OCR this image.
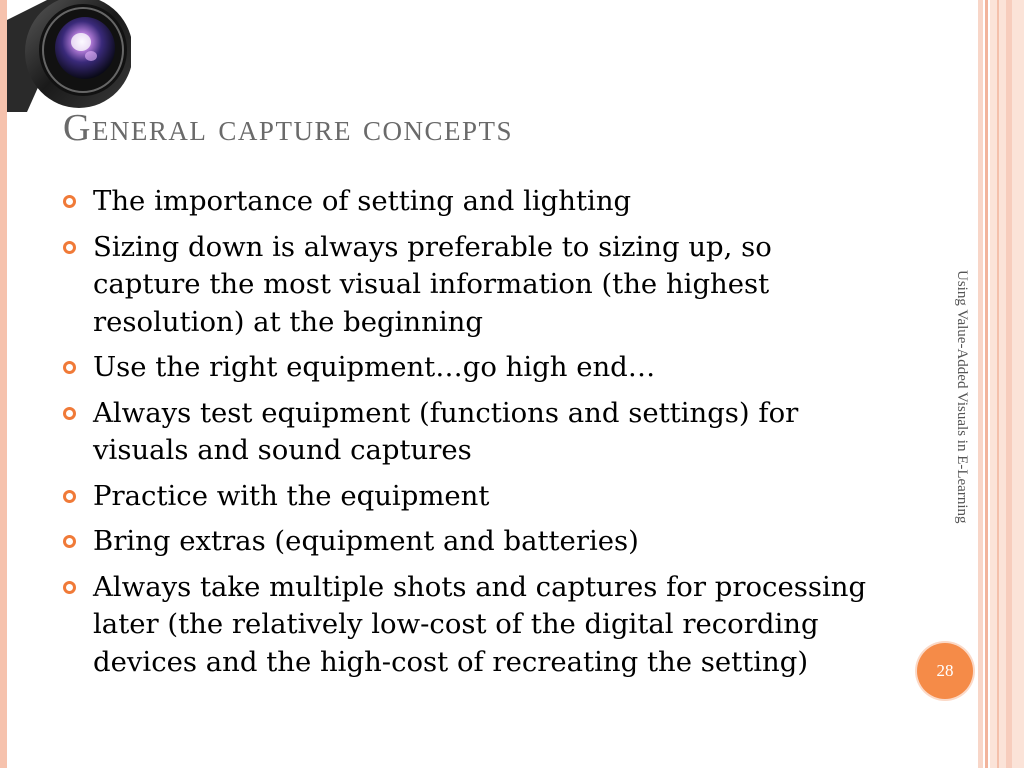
General capture concepts
The importance of setting and lighting
Sizing down is always preferable to sizing up, so capture the most visual information (the highest resolution) at the beginning
Use the right equipment…go high end…
Always test equipment (functions and settings) for visuals and sound captures
Practice with the equipment
Bring extras (equipment and batteries)
Always take multiple shots and captures for processing later (the relatively low-cost of the digital recording devices and the high-cost of recreating the setting)
Using Value-Added Visuals in E-Learning
28
